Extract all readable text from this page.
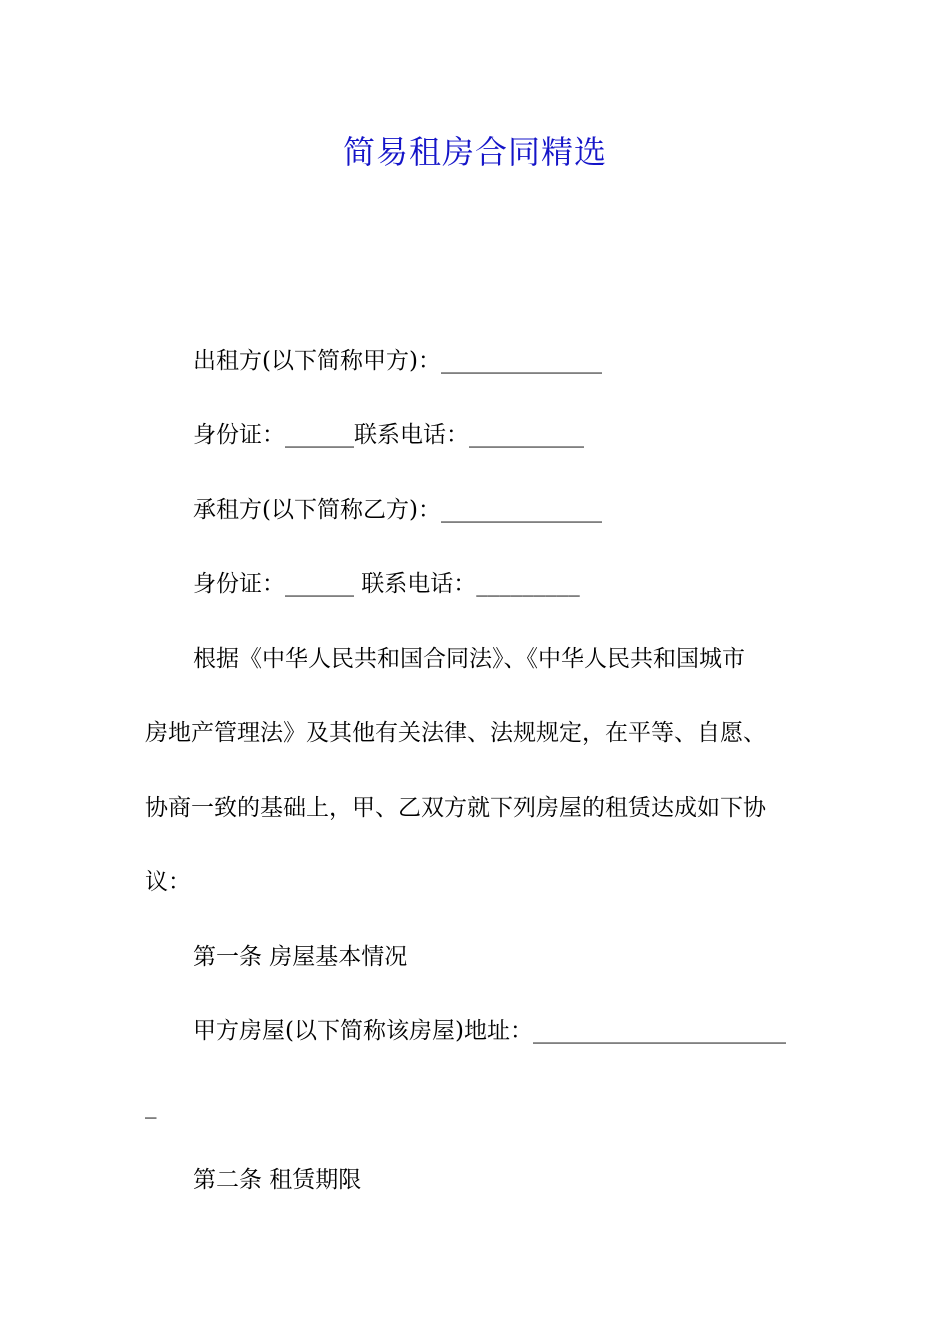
简易租房合同精选
出租方(以下简称甲方)：______________
身份证：______联系电话：__________
承租方(以下简称乙方)：______________
身份证：______ 联系电话：_________
根据《中华人民共和国合同法》、《中华人民共和国城市
房地产管理法》及其他有关法律、法规规定，在平等、自愿、
协商一致的基础上，甲、乙双方就下列房屋的租赁达成如下协
议：
第一条 房屋基本情况
甲方房屋(以下简称该房屋)地址：______________________
_
第二条 租赁期限
